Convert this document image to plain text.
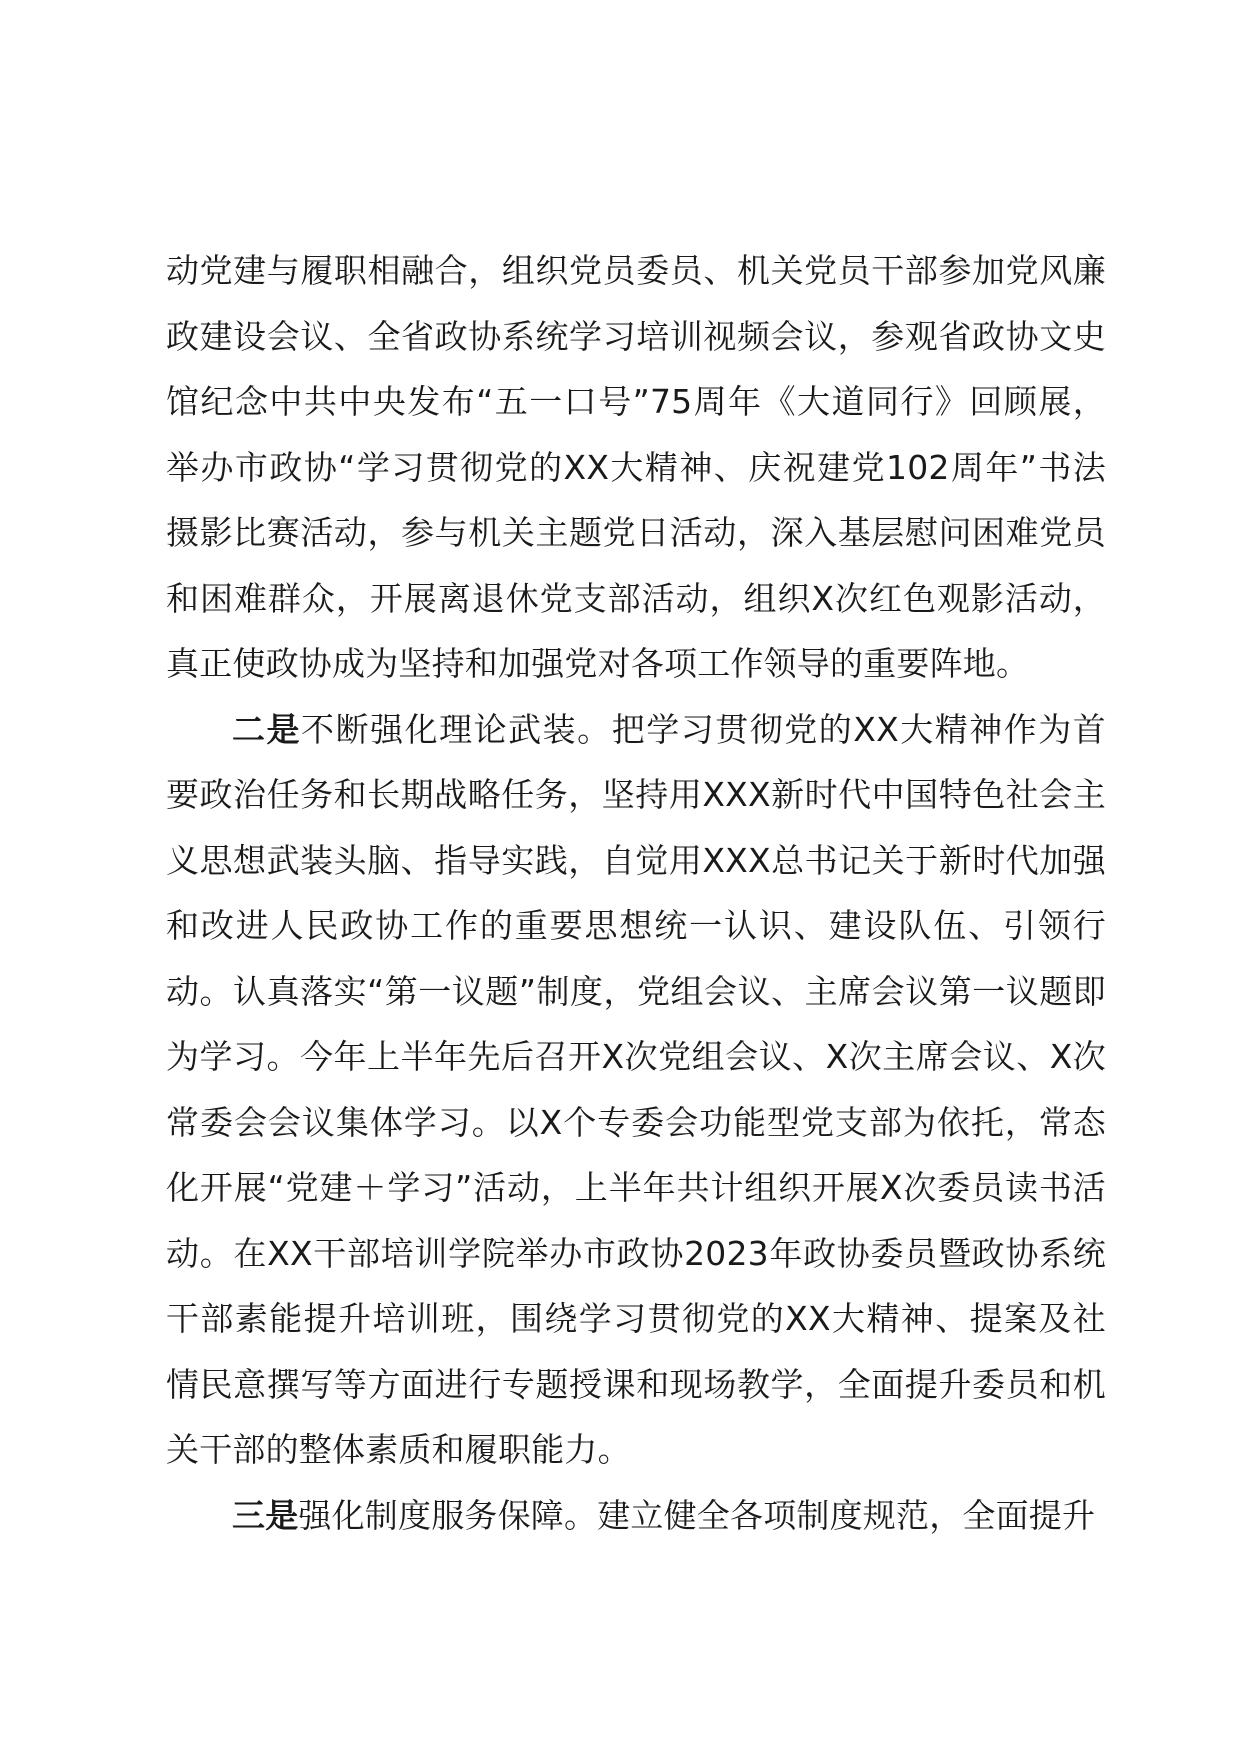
动党建与履职相融合，组织党员委员、机关党员干部参加党风廉政建设会议、全省政协系统学习培训视频会议，参观省政协文史馆纪念中共中央发布“五一口号”75周年《大道同行》回顾展，举办市政协“学习贯彻党的XX大精神、庆祝建党102周年”书法摄影比赛活动，参与机关主题党日活动，深入基层慰问困难党员和困难群众，开展离退休党支部活动，组织X次红色观影活动，真正使政协成为坚持和加强党对各项工作领导的重要阵地。

二是不断强化理论武装。把学习贯彻党的XX大精神作为首要政治任务和长期战略任务，坚持用XXX新时代中国特色社会主义思想武装头脑、指导实践，自觉用XXX总书记关于新时代加强和改进人民政协工作的重要思想统一认识、建设队伍、引领行动。认真落实“第一议题”制度，党组会议、主席会议第一议题即为学习。今年上半年先后召开X次党组会议、X次主席会议、X次常委会会议集体学习。以X个专委会功能型党支部为依托，常态化开展“党建＋学习”活动，上半年共计组织开展X次委员读书活动。在XX干部培训学院举办市政协2023年政协委员暨政协系统干部素能提升培训班，围绕学习贯彻党的XX大精神、提案及社情民意撰写等方面进行专题授课和现场教学，全面提升委员和机关干部的整体素质和履职能力。

三是强化制度服务保障。建立健全各项制度规范，全面提升
